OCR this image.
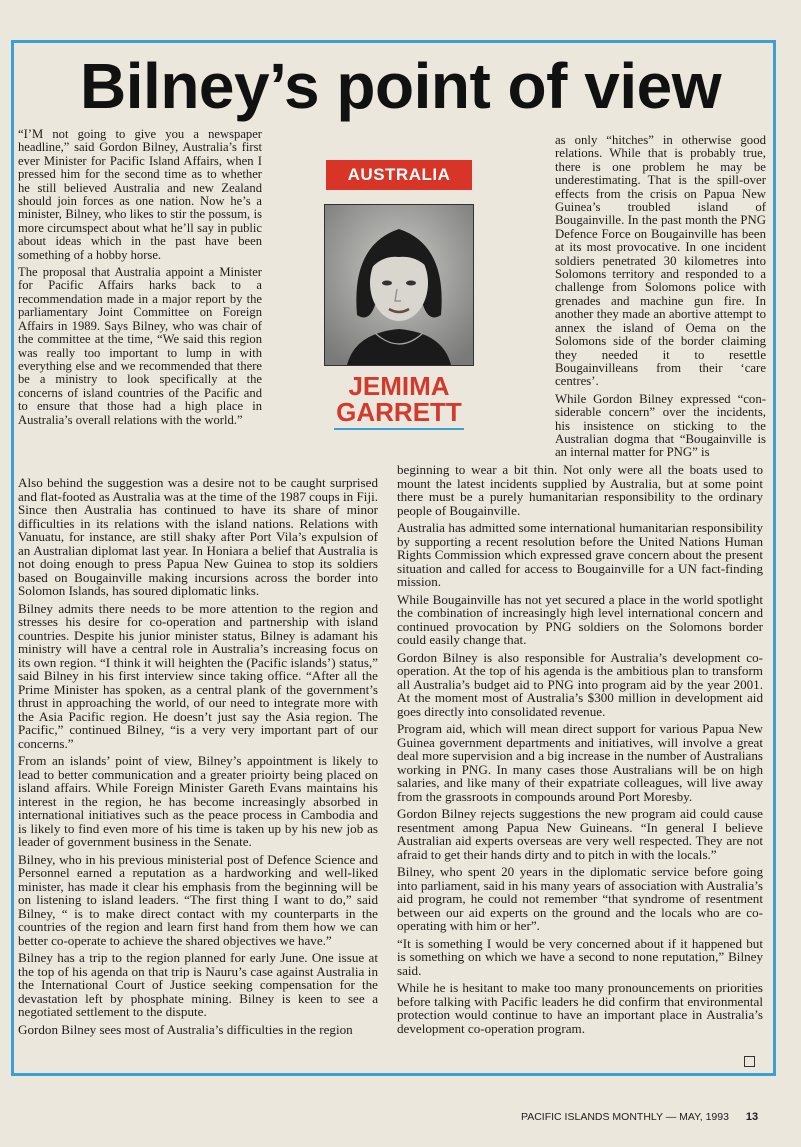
Bilney’s point of view

“I’M not going to give you a newspaper headline,” said Gordon Bilney, Australia’s first ever Minister for Pacific Island Affairs, when I pressed him for the second time as to whether he still believed Australia and new Zealand should join forces as one nation. Now he’s a minister, Bilney, who likes to stir the possum, is more circumspect about what he’ll say in public about ideas which in the past have been something of a hobby horse.

The proposal that Australia appoint a Minister for Pacific Affairs harks back to a recommendation made in a major report by the parliamentary Joint Committee on Foreign Affairs in 1989. Says Bilney, who was chair of the committee at the time, “We said this region was really too important to lump in with everything else and we recommended that there be a ministry to look specifically at the concerns of island countries of the Pacific and to ensure that those had a high place in Australia’s overall relations with the world.”

AUSTRALIA
JEMIMA
GARRETT

as only “hitches” in otherwise good relations. While that is probably true, there is one problem he may be underestimating. That is the spill-over effects from the crisis on Papua New Guinea’s troubled island of Bougainville. In the past month the PNG Defence Force on Bougainville has been at its most provocative. In one incident soldiers penetrated 30 kilometres into Solomons territory and responded to a challenge from Solomons police with grenades and machine gun fire. In another they made an abortive attempt to annex the island of Oema on the Solomons side of the border claiming they needed it to resettle Bougainvilleans from their ‘care centres’.

While Gordon Bilney expressed “con-siderable concern” over the incidents, his insistence on sticking to the Australian dogma that “Bougainville is an internal matter for PNG” is

Also behind the suggestion was a desire not to be caught surprised and flat-footed as Australia was at the time of the 1987 coups in Fiji. Since then Australia has continued to have its share of minor difficulties in its relations with the island nations. Relations with Vanuatu, for instance, are still shaky after Port Vila’s expulsion of an Australian diplomat last year. In Honiara a belief that Australia is not doing enough to press Papua New Guinea to stop its soldiers based on Bougainville making incursions across the border into Solomon Islands, has soured diplomatic links.

Bilney admits there needs to be more attention to the region and stresses his desire for co-operation and partnership with island countries. Despite his junior minister status, Bilney is adamant his ministry will have a central role in Australia’s increasing focus on its own region. “I think it will heighten the (Pacific islands’) status,” said Bilney in his first interview since taking office. “After all the Prime Minister has spoken, as a central plank of the government’s thrust in approaching the world, of our need to integrate more with the Asia Pacific region. He doesn’t just say the Asia region. The Pacific,” continued Bilney, “is a very very important part of our concerns.”

From an islands’ point of view, Bilney’s appointment is likely to lead to better communication and a greater prioirty being placed on island affairs. While Foreign Minister Gareth Evans maintains his interest in the region, he has become increasingly absorbed in international initiatives such as the peace process in Cambodia and is likely to find even more of his time is taken up by his new job as leader of government business in the Senate.

Bilney, who in his previous ministerial post of Defence Science and Personnel earned a reputation as a hardworking and well-liked minister, has made it clear his emphasis from the beginning will be on listening to island leaders. “The first thing I want to do,” said Bilney, “ is to make direct contact with my counterparts in the countries of the region and learn first hand from them how we can better co-operate to achieve the shared objectives we have.”

Bilney has a trip to the region planned for early June. One issue at the top of his agenda on that trip is Nauru’s case against Australia in the International Court of Justice seeking compensation for the devastation left by phosphate mining. Bilney is keen to see a negotiated settlement to the dispute.

Gordon Bilney sees most of Australia’s difficulties in the region

beginning to wear a bit thin. Not only were all the boats used to mount the latest incidents supplied by Australia, but at some point there must be a purely humanitarian responsibility to the ordinary people of Bougainville.

Australia has admitted some international humanitarian responsibility by supporting a recent resolution before the United Nations Human Rights Commission which expressed grave concern about the present situation and called for access to Bougainville for a UN fact-finding mission.

While Bougainville has not yet secured a place in the world spotlight the combination of increasingly high level international concern and continued provocation by PNG soldiers on the Solomons border could easily change that.

Gordon Bilney is also responsible for Australia’s development co-operation. At the top of his agenda is the ambitious plan to transform all Australia’s budget aid to PNG into program aid by the year 2001. At the moment most of Australia’s $300 million in development aid goes directly into consolidated revenue.

Program aid, which will mean direct support for various Papua New Guinea government departments and initiatives, will involve a great deal more supervision and a big increase in the number of Australians working in PNG. In many cases those Australians will be on high salaries, and like many of their expatriate colleagues, will live away from the grassroots in compounds around Port Moresby.

Gordon Bilney rejects suggestions the new program aid could cause resentment among Papua New Guineans. “In general I believe Australian aid experts overseas are very well respected. They are not afraid to get their hands dirty and to pitch in with the locals.”

Bilney, who spent 20 years in the diplomatic service before going into parliament, said in his many years of association with Australia’s aid program, he could not remember “that syndrome of resentment between our aid experts on the ground and the locals who are co-operating with him or her”.

“It is something I would be very concerned about if it happened but is something on which we have a second to none reputation,” Bilney said.

While he is hesitant to make too many pronouncements on priorities before talking with Pacific leaders he did confirm that environmental protection would continue to have an important place in Australia’s development co-operation program.

PACIFIC ISLANDS MONTHLY — MAY, 1993 13
